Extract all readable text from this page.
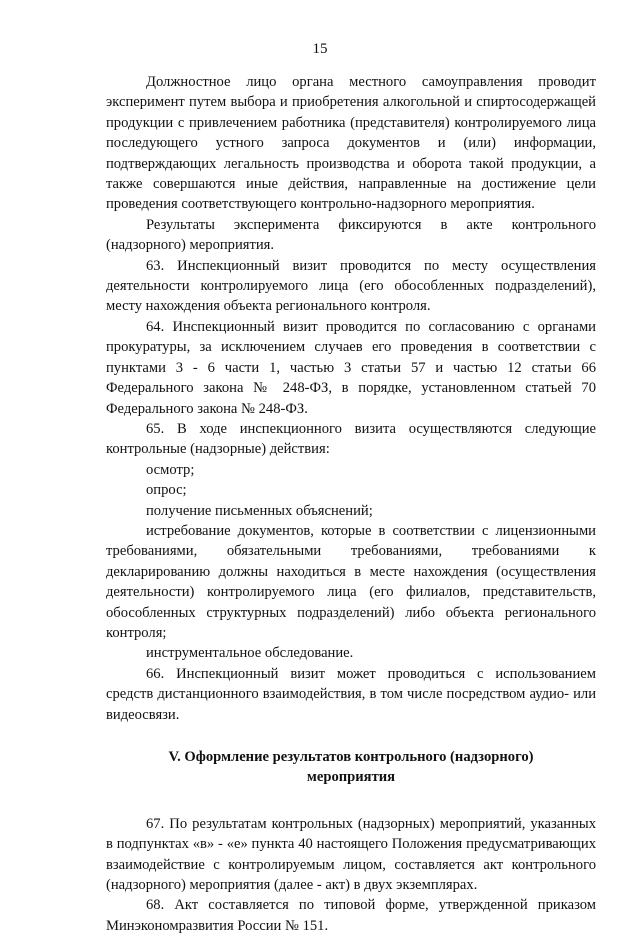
15

Должностное лицо органа местного самоуправления проводит эксперимент путем выбора и приобретения алкогольной и спиртосодержащей продукции с привлечением работника (представителя) контролируемого лица последующего устного запроса документов и (или) информации, подтверждающих легальность производства и оборота такой продукции, а также совершаются иные действия, направленные на достижение цели проведения соответствующего контрольно-надзорного мероприятия.

Результаты эксперимента фиксируются в акте контрольного (надзорного) мероприятия.

63. Инспекционный визит проводится по месту осуществления деятельности контролируемого лица (его обособленных подразделений), месту нахождения объекта регионального контроля.

64. Инспекционный визит проводится по согласованию с органами прокуратуры, за исключением случаев его проведения в соответствии с пунктами 3 - 6 части 1, частью 3 статьи 57 и частью 12 статьи 66 Федерального закона № 248-ФЗ, в порядке, установленном статьей 70 Федерального закона № 248-ФЗ.

65. В ходе инспекционного визита осуществляются следующие контрольные (надзорные) действия:

осмотр;

опрос;

получение письменных объяснений;

истребование документов, которые в соответствии с лицензионными требованиями, обязательными требованиями, требованиями к декларированию должны находиться в месте нахождения (осуществления деятельности) контролируемого лица (его филиалов, представительств, обособленных структурных подразделений) либо объекта регионального контроля;

инструментальное обследование.

66. Инспекционный визит может проводиться с использованием средств дистанционного взаимодействия, в том числе посредством аудио- или видеосвязи.

V. Оформление результатов контрольного (надзорного) мероприятия

67. По результатам контрольных (надзорных) мероприятий, указанных в подпунктах «в» - «е» пункта 40 настоящего Положения предусматривающих взаимодействие с контролируемым лицом, составляется акт контрольного (надзорного) мероприятия (далее - акт) в двух экземплярах.

68. Акт составляется по типовой форме, утвержденной приказом Минэкономразвития России № 151.
